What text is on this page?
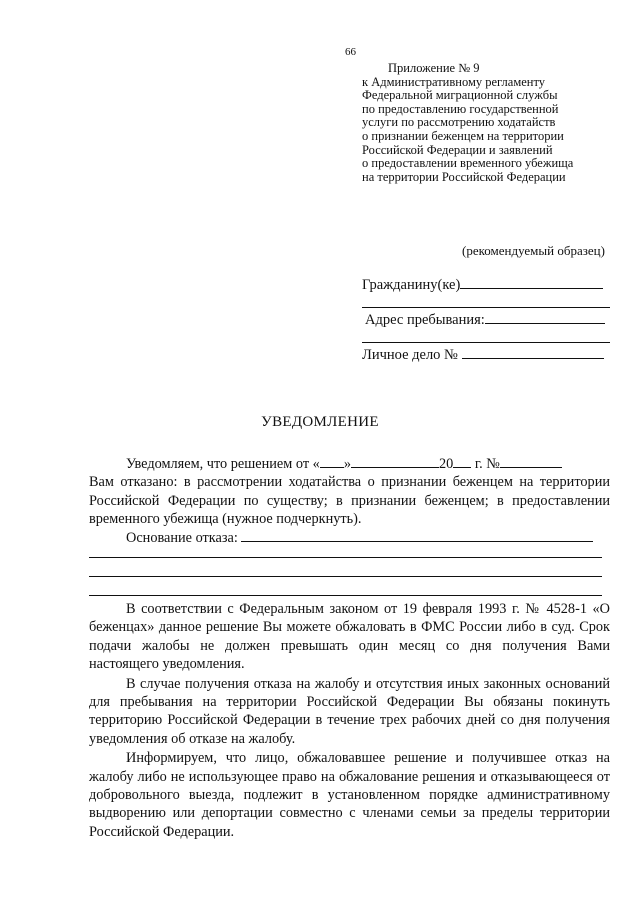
66
Приложение № 9
к Административному регламенту
Федеральной миграционной службы
по предоставлению государственной
услуги по рассмотрению ходатайств
о признании беженцем на территории
Российской Федерации и заявлений
о предоставлении временного убежища
на территории Российской Федерации
(рекомендуемый образец)
Гражданину(ке)
Адрес пребывания:
Личное дело №
УВЕДОМЛЕНИЕ

Уведомляем, что решением от « »	20 г. №

Вам отказано: в рассмотрении ходатайства о признании беженцем на территории Российской Федерации по существу; в признании беженцем; в предоставлении временного убежища (нужное подчеркнуть).

Основание отказа:

В соответствии с Федеральным законом от 19 февраля 1993 г. № 4528-1 «О беженцах» данное решение Вы можете обжаловать в ФМС России либо в суд. Срок подачи жалобы не должен превышать один месяц со дня получения Вами настоящего уведомления.

В случае получения отказа на жалобу и отсутствия иных законных оснований для пребывания на территории Российской Федерации Вы обязаны покинуть территорию Российской Федерации в течение трех рабочих дней со дня получения уведомления об отказе на жалобу.

Информируем, что лицо, обжаловавшее решение и получившее отказ на жалобу либо не использующее право на обжалование решения и отказывающееся от добровольного выезда, подлежит в установленном порядке административному выдворению или депортации совместно с членами семьи за пределы территории Российской Федерации.
